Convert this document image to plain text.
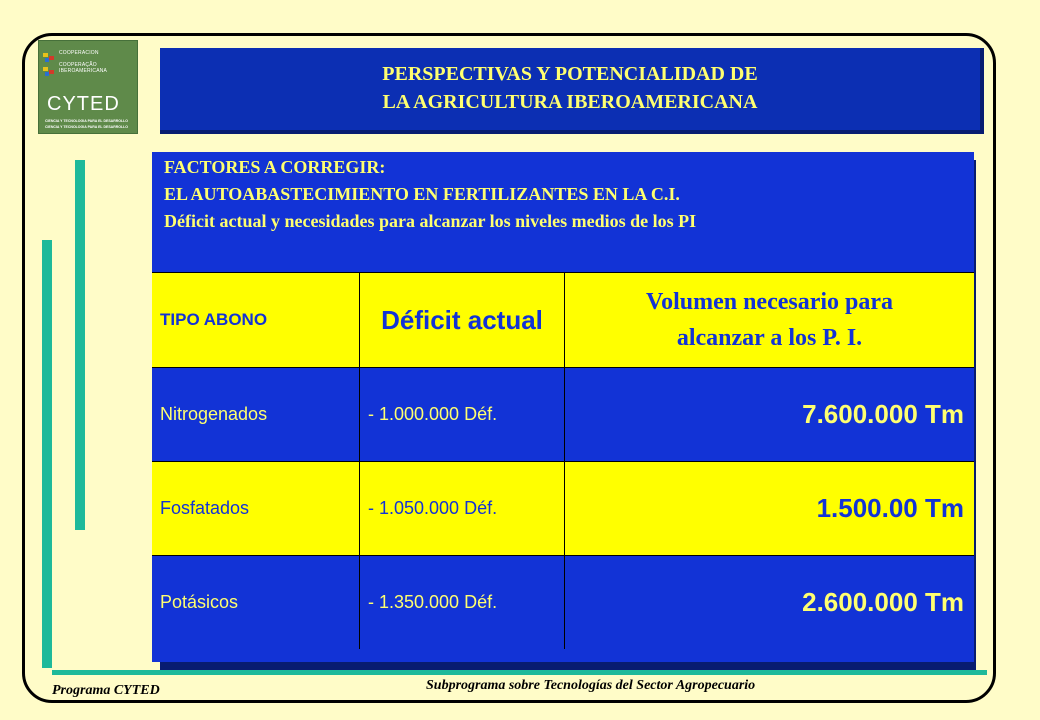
COOPERACION
COOPERAÇÃO IBEROAMERICANA
CYTED
CIENCIA Y TECNOLOGIA PARA EL DESARROLLO
CIENCIA Y TECNOLOGIA PARA EL DESARROLLO
PERSPECTIVAS Y POTENCIALIDAD DE
LA AGRICULTURA IBEROAMERICANA
FACTORES A CORREGIR:
EL AUTOABASTECIMIENTO EN FERTILIZANTES EN LA C.I.
Déficit actual y necesidades para alcanzar los niveles medios de los PI
TIPO ABONO	Déficit actual
Volumen necesario para
alcanzar a los P. I.
Nitrogenados	- 1.000.000 Déf.	7.600.000 Tm
Fosfatados	- 1.050.000 Déf.	1.500.00 Tm
Potásicos	- 1.350.000 Déf.	2.600.000 Tm
Programa CYTED	Subprograma sobre Tecnologías del Sector Agropecuario
